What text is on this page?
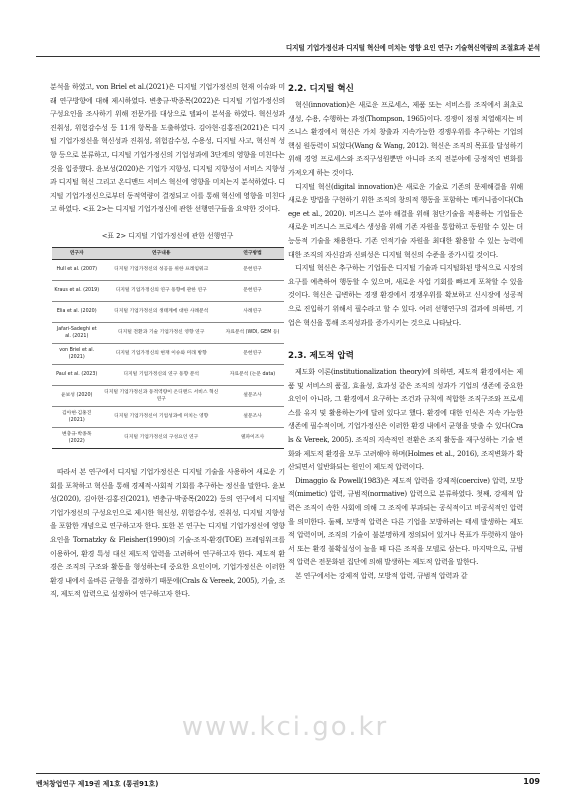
디지털 기업가정신과 디지털 혁신에 미치는 영향 요인 연구: 기술혁신역량의 조절효과 분석

분석을 하였고, von Briel et al.(2021)은 디지털 기업가정신의 현재 이슈와 미래 연구방향에 대해 제시하였다. 변충규·박종목(2022)은 디지털 기업가정신의 구성요인을 조사하기 위해 전문가를 대상으로 델파이 분석을 하였다. 혁신성과 진취성, 위험감수성 등 11개 항목을 도출하였다. 김아현·김홍진(2021)은 디지털 기업가정신을 혁신성과 진취성, 위험감수성, 수용성, 디지털 사고, 혁신적 성향 등으로 분류하고, 디지털 기업가정신의 기업성과에 3단계의 영향을 미친다는 것을 입증했다. 윤보성(2020)은 기업가 지향성, 디지털 지향성이 서비스 지향성과 디지털 혁신 그리고 온디맨드 서비스 혁신에 영향을 미치는지 분석하였다. 디지털 기업가정신으로부터 동적역량이 결정되고 이를 통해 혁신에 영향을 미친다고 하였다. <표 2>는 디지털 기업가정신에 관한 선행연구들을 요약한 것이다.

<표 2> 디지털 기업가정신에 관한 선행연구
연구자	연구내용	연구방법
Hull et al. (2007)	디지털 기업가정신의 성공을 위한 프레임워크	문헌연구
Kraus et al. (2019)	디지털 기업가정신의 연구 동향에 관한 연구	문헌연구
Elia et al. (2020)	디지털 기업가정신의 생태계에 대한 사례분석	사례연구
Jafari-Sadeghi et al. (2021)	디지털 전환과 기술 기업가정신 영향 연구	자료분석 (WDI, GEM 등)
von Briel et al. (2021)	디지털 기업가정신의 현재 이슈와 미래 방향	문헌연구
Paul et al. (2023)	디지털 기업가정신의 연구 동향 분석	자료분석 (논문 data)
윤보성 (2020)	디지털 기업가정신과 동적역량이 온디맨드 서비스 혁신 연구	설문조사
김아현·김홍진 (2021)	디지털 기업가정신이 기업성과에 미치는 영향	설문조사
변충규·박종목 (2022)	디지털 기업가정신의 구성요인 연구	델파이조사

따라서 본 연구에서 디지털 기업가정신은 디지털 기술을 사용하여 새로운 기회를 포착하고 혁신을 통해 경제적·사회적 기회를 추구하는 정신을 말한다. 윤보성(2020), 김아현·김홍진(2021), 변충규·박종목(2022) 등의 연구에서 디지털 기업가정신의 구성요인으로 제시한 혁신성, 위험감수성, 진취성, 디지털 지향성을 포함한 개념으로 연구하고자 한다. 또한 본 연구는 디지털 기업가정신에 영향 요인을 Tornatzky & Fleisher(1990)의 기술-조직-환경(TOE) 프레임워크를 이용하여, 환경 특성 대신 제도적 압력을 고려하여 연구하고자 한다. 제도적 환경은 조직의 구조와 활동을 형성하는데 중요한 요인이며, 기업가정신은 이러한 환경 내에서 올바른 균형을 결정하기 때문에(Crals & Vereek, 2005), 기술, 조직, 제도적 압력으로 설정하여 연구하고자 한다.

2.2. 디지털 혁신

혁신(innovation)은 새로운 프로세스, 제품 또는 서비스를 조직에서 최초로 생성, 수용, 수행하는 과정(Thompson, 1965)이다. 경쟁이 점점 치열해지는 비즈니스 환경에서 혁신은 가치 창출과 지속가능한 경쟁우위를 추구하는 기업의 핵심 원동력이 되었다(Wang & Wang, 2012). 혁신은 조직의 목표를 달성하기 위해 경영 프로세스와 조직구성원뿐만 아니라 조직 전분야에 긍정적인 변화를 가져오게 하는 것이다.

디지털 혁신(digital innovation)은 새로운 기술로 기존의 문제해결을 위해 새로운 방법을 구현하기 위한 조직의 창의적 행동을 포함하는 메커니즘이다(Chege et al., 2020). 비즈니스 분야 해결을 위해 첨단기술을 적용하는 기업들은 새로운 비즈니스 프로세스 생성을 위해 기존 자원을 통합하고 동원할 수 있는 더 능동적 기술을 채용한다. 기존 인적기술 자원을 최대한 활용할 수 있는 능력에 대한 조직의 자신감과 신뢰성은 디지털 혁신의 수준을 증가시킬 것이다.

디지털 혁신은 추구하는 기업들은 디지털 기술과 디지털화된 방식으로 시장의 요구를 예측하여 행동할 수 있으며, 새로운 사업 기회를 빠르게 포착할 수 있을 것이다. 혁신은 급변하는 경쟁 환경에서 경쟁우위를 확보하고 신시장에 성공적으로 진입하기 위해서 필수라고 할 수 있다. 여러 선행연구의 결과에 의하면, 기업은 혁신을 통해 조직성과를 증가시키는 것으로 나타났다.

2.3. 제도적 압력

제도화 이론(institutionalization theory)에 의하면, 제도적 환경에서는 제품 및 서비스의 품질, 효율성, 효과성 같은 조직의 성과가 기업의 생존에 중요한 요인이 아니라, 그 환경에서 요구하는 조건과 규칙에 적합한 조직구조와 프로세스를 유지 및 활용하는가에 달려 있다고 했다. 환경에 대한 인식은 지속 가능한 생존에 필수적이며, 기업가정신은 이러한 환경 내에서 균형을 맞출 수 있다(Crals & Vereek, 2005). 조직의 지속적인 전환은 조직 활동을 재구성하는 기술 변화와 제도적 환경을 모두 고려해야 하며(Holmes et al., 2016), 조직변화가 확산되면서 일반화되는 원인이 제도적 압력이다.

Dimaggio & Powell(1983)은 제도적 압력을 강제적(coercive) 압력, 모방적(mimetic) 압력, 규범적(normative) 압력으로 분류하였다. 첫째, 강제적 압력은 조직이 속한 사회에 의해 그 조직에 부과되는 공식적이고 비공식적인 압력을 의미한다. 둘째, 모방적 압력은 다른 기업을 모방하려는 태세 발생하는 제도적 압력이며, 조직의 기술이 불분명하게 정의되어 있거나 목표가 뚜렷하지 않아서 또는 환경 불확실성이 높을 때 다른 조직을 모델로 삼는다. 마지막으로, 규범적 압력은 전문화된 집단에 의해 발생하는 제도적 압력을 말한다.

본 연구에서는 강제적 압력, 모방적 압력, 규범적 압력과 같

www.kci.go.kr
벤처창업연구 제19권 제1호 (통권91호)	109
